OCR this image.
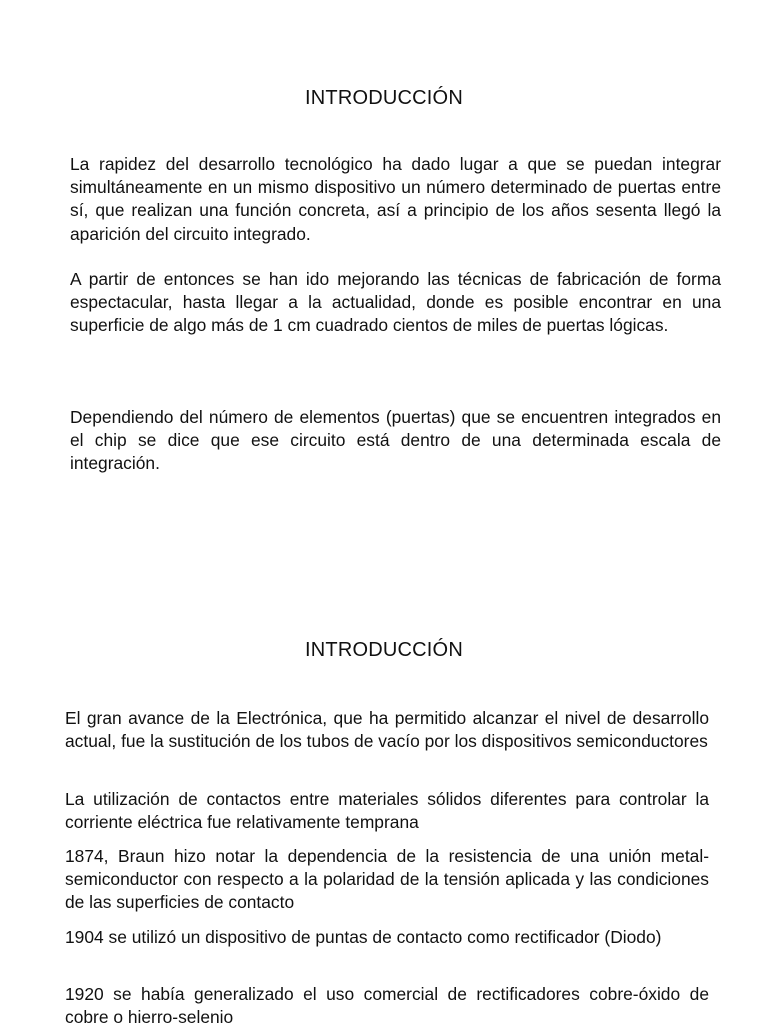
INTRODUCCIÓN

La rapidez del desarrollo tecnológico ha dado lugar a que se puedan integrar simultáneamente en un mismo dispositivo un número determinado de puertas entre sí, que realizan una función concreta, así a principio de los años sesenta llegó la aparición del circuito integrado.

A partir de entonces se han ido mejorando las técnicas de fabricación de forma espectacular, hasta llegar a la actualidad, donde es posible encontrar en una superficie de algo más de 1 cm cuadrado cientos de miles de puertas lógicas.

Dependiendo del número de elementos (puertas) que se encuentren integrados en el chip se dice que ese circuito está dentro de una determinada escala de integración.

INTRODUCCIÓN

El gran avance de la Electrónica, que ha permitido alcanzar el nivel de desarrollo actual, fue la sustitución de los tubos de vacío por los dispositivos semiconductores

La utilización de contactos entre materiales sólidos diferentes para controlar la corriente eléctrica fue relativamente temprana

1874, Braun hizo notar la dependencia de la resistencia de una unión metal-semiconductor con respecto a la polaridad de la tensión aplicada y las condiciones de las superficies de contacto

1904 se utilizó un dispositivo de puntas de contacto como rectificador (Diodo)

1920 se había generalizado el uso comercial de rectificadores cobre-óxido de cobre o hierro-selenio
